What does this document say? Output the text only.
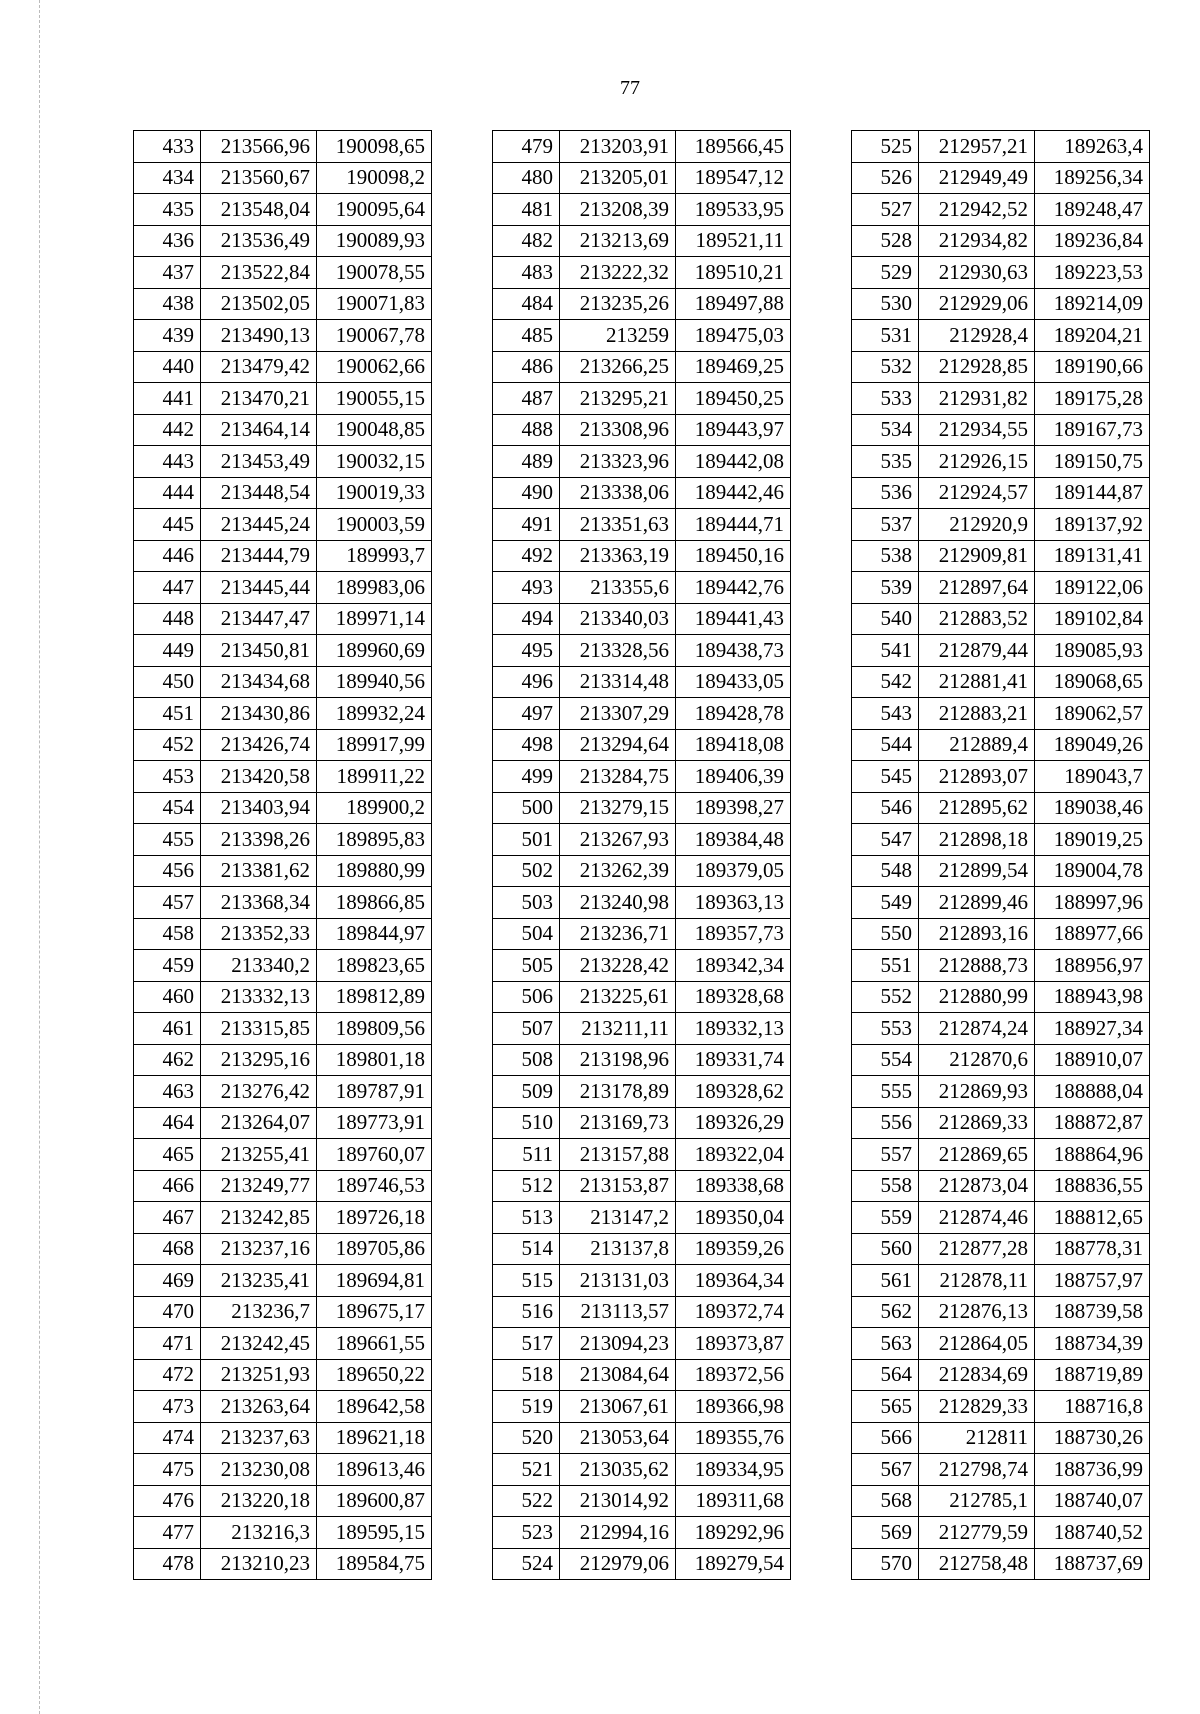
77
433	213566,96	190098,65
434	213560,67	190098,2
435	213548,04	190095,64
436	213536,49	190089,93
437	213522,84	190078,55
438	213502,05	190071,83
439	213490,13	190067,78
440	213479,42	190062,66
441	213470,21	190055,15
442	213464,14	190048,85
443	213453,49	190032,15
444	213448,54	190019,33
445	213445,24	190003,59
446	213444,79	189993,7
447	213445,44	189983,06
448	213447,47	189971,14
449	213450,81	189960,69
450	213434,68	189940,56
451	213430,86	189932,24
452	213426,74	189917,99
453	213420,58	189911,22
454	213403,94	189900,2
455	213398,26	189895,83
456	213381,62	189880,99
457	213368,34	189866,85
458	213352,33	189844,97
459	213340,2	189823,65
460	213332,13	189812,89
461	213315,85	189809,56
462	213295,16	189801,18
463	213276,42	189787,91
464	213264,07	189773,91
465	213255,41	189760,07
466	213249,77	189746,53
467	213242,85	189726,18
468	213237,16	189705,86
469	213235,41	189694,81
470	213236,7	189675,17
471	213242,45	189661,55
472	213251,93	189650,22
473	213263,64	189642,58
474	213237,63	189621,18
475	213230,08	189613,46
476	213220,18	189600,87
477	213216,3	189595,15
478	213210,23	189584,75
479	213203,91	189566,45
480	213205,01	189547,12
481	213208,39	189533,95
482	213213,69	189521,11
483	213222,32	189510,21
484	213235,26	189497,88
485	213259	189475,03
486	213266,25	189469,25
487	213295,21	189450,25
488	213308,96	189443,97
489	213323,96	189442,08
490	213338,06	189442,46
491	213351,63	189444,71
492	213363,19	189450,16
493	213355,6	189442,76
494	213340,03	189441,43
495	213328,56	189438,73
496	213314,48	189433,05
497	213307,29	189428,78
498	213294,64	189418,08
499	213284,75	189406,39
500	213279,15	189398,27
501	213267,93	189384,48
502	213262,39	189379,05
503	213240,98	189363,13
504	213236,71	189357,73
505	213228,42	189342,34
506	213225,61	189328,68
507	213211,11	189332,13
508	213198,96	189331,74
509	213178,89	189328,62
510	213169,73	189326,29
511	213157,88	189322,04
512	213153,87	189338,68
513	213147,2	189350,04
514	213137,8	189359,26
515	213131,03	189364,34
516	213113,57	189372,74
517	213094,23	189373,87
518	213084,64	189372,56
519	213067,61	189366,98
520	213053,64	189355,76
521	213035,62	189334,95
522	213014,92	189311,68
523	212994,16	189292,96
524	212979,06	189279,54
525	212957,21	189263,4
526	212949,49	189256,34
527	212942,52	189248,47
528	212934,82	189236,84
529	212930,63	189223,53
530	212929,06	189214,09
531	212928,4	189204,21
532	212928,85	189190,66
533	212931,82	189175,28
534	212934,55	189167,73
535	212926,15	189150,75
536	212924,57	189144,87
537	212920,9	189137,92
538	212909,81	189131,41
539	212897,64	189122,06
540	212883,52	189102,84
541	212879,44	189085,93
542	212881,41	189068,65
543	212883,21	189062,57
544	212889,4	189049,26
545	212893,07	189043,7
546	212895,62	189038,46
547	212898,18	189019,25
548	212899,54	189004,78
549	212899,46	188997,96
550	212893,16	188977,66
551	212888,73	188956,97
552	212880,99	188943,98
553	212874,24	188927,34
554	212870,6	188910,07
555	212869,93	188888,04
556	212869,33	188872,87
557	212869,65	188864,96
558	212873,04	188836,55
559	212874,46	188812,65
560	212877,28	188778,31
561	212878,11	188757,97
562	212876,13	188739,58
563	212864,05	188734,39
564	212834,69	188719,89
565	212829,33	188716,8
566	212811	188730,26
567	212798,74	188736,99
568	212785,1	188740,07
569	212779,59	188740,52
570	212758,48	188737,69
